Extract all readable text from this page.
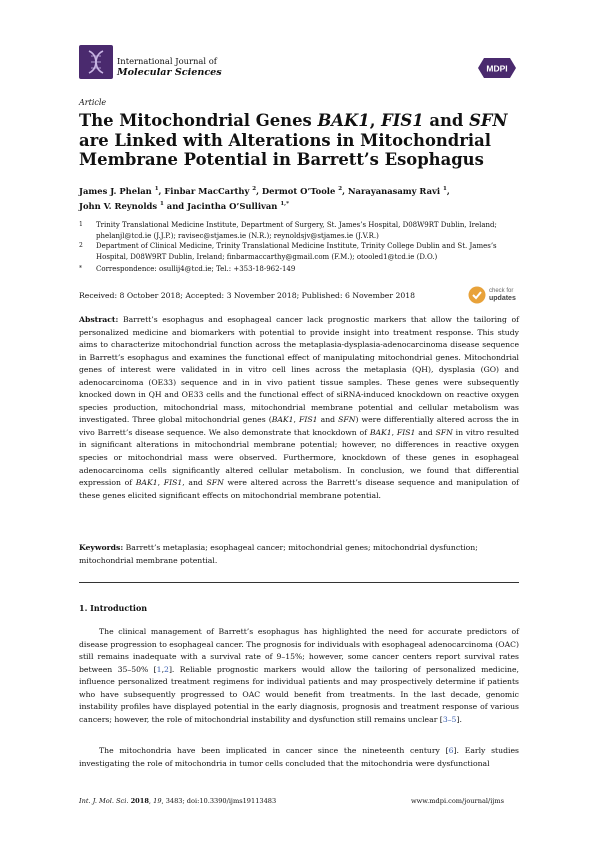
International Journal of
Molecular Sciences	MDPI
Article
The Mitochondrial Genes BAK1, FIS1 and SFN are Linked with Alterations in Mitochondrial Membrane Potential in Barrett’s Esophagus
James J. Phelan $^1$, Finbar MacCarthy $^2$, Dermot O’Toole $^2$, Narayanasamy Ravi $^1$,
John V. Reynolds $^1$ and Jacintha O’Sullivan $^{1,*}$
1 Trinity Translational Medicine Institute, Department of Surgery, St. James’s Hospital, D08W9RT Dublin, Ireland; phelanjl@tcd.ie (J.J.P.); ravisec@stjames.ie (N.R.); reynoldsjv@stjames.ie (J.V.R.)
2 Department of Clinical Medicine, Trinity Translational Medicine Institute, Trinity College Dublin and St. James’s Hospital, D08W9RT Dublin, Ireland; finbarmaccarthy@gmail.com (F.M.); otooled1@tcd.ie (D.O.)
* Correspondence: osullij4@tcd.ie; Tel.: +353-18-962-149
Received: 8 October 2018; Accepted: 3 November 2018; Published: 6 November 2018	check for
updates
Abstract: Barrett’s esophagus and esophageal cancer lack prognostic markers that allow the tailoring of personalized medicine and biomarkers with potential to provide insight into treatment response. This study aims to characterize mitochondrial function across the metaplasia-dysplasia-adenocarcinoma disease sequence in Barrett’s esophagus and examines the functional effect of manipulating mitochondrial genes. Mitochondrial genes of interest were validated in in vitro cell lines across the metaplasia (QH), dysplasia (GO) and adenocarcinoma (OE33) sequence and in in vivo patient tissue samples. These genes were subsequently knocked down in QH and OE33 cells and the functional effect of siRNA-induced knockdown on reactive oxygen species production, mitochondrial mass, mitochondrial membrane potential and cellular metabolism was investigated. Three global mitochondrial genes (BAK1, FIS1 and SFN) were differentially altered across the in vivo Barrett’s disease sequence. We also demonstrate that knockdown of BAK1, FIS1 and SFN in vitro resulted in significant alterations in mitochondrial membrane potential; however, no differences in reactive oxygen species or mitochondrial mass were observed. Furthermore, knockdown of these genes in esophageal adenocarcinoma cells significantly altered cellular metabolism. In conclusion, we found that differential expression of BAK1, FIS1, and SFN were altered across the Barrett’s disease sequence and manipulation of these genes elicited significant effects on mitochondrial membrane potential.
Keywords: Barrett’s metaplasia; esophageal cancer; mitochondrial genes; mitochondrial dysfunction; mitochondrial membrane potential.
1. Introduction
The clinical management of Barrett’s esophagus has highlighted the need for accurate predictors of disease progression to esophageal cancer. The prognosis for individuals with esophageal adenocarcinoma (OAC) still remains inadequate with a survival rate of 9–15%; however, some cancer centers report survival rates between 35–50% [1,2]. Reliable prognostic markers would allow the tailoring of personalized medicine, influence personalized treatment regimens for individual patients and may prospectively determine if patients who have subsequently progressed to OAC would benefit from treatments. In the last decade, genomic instability profiles have displayed potential in the early diagnosis, prognosis and treatment response of various cancers; however, the role of mitochondrial instability and dysfunction still remains unclear [3–5].
The mitochondria have been implicated in cancer since the nineteenth century [6]. Early studies investigating the role of mitochondria in tumor cells concluded that the mitochondria were dysfunctional
Int. J. Mol. Sci. 2018, 19, 3483; doi:10.3390/ijms19113483	www.mdpi.com/journal/ijms
